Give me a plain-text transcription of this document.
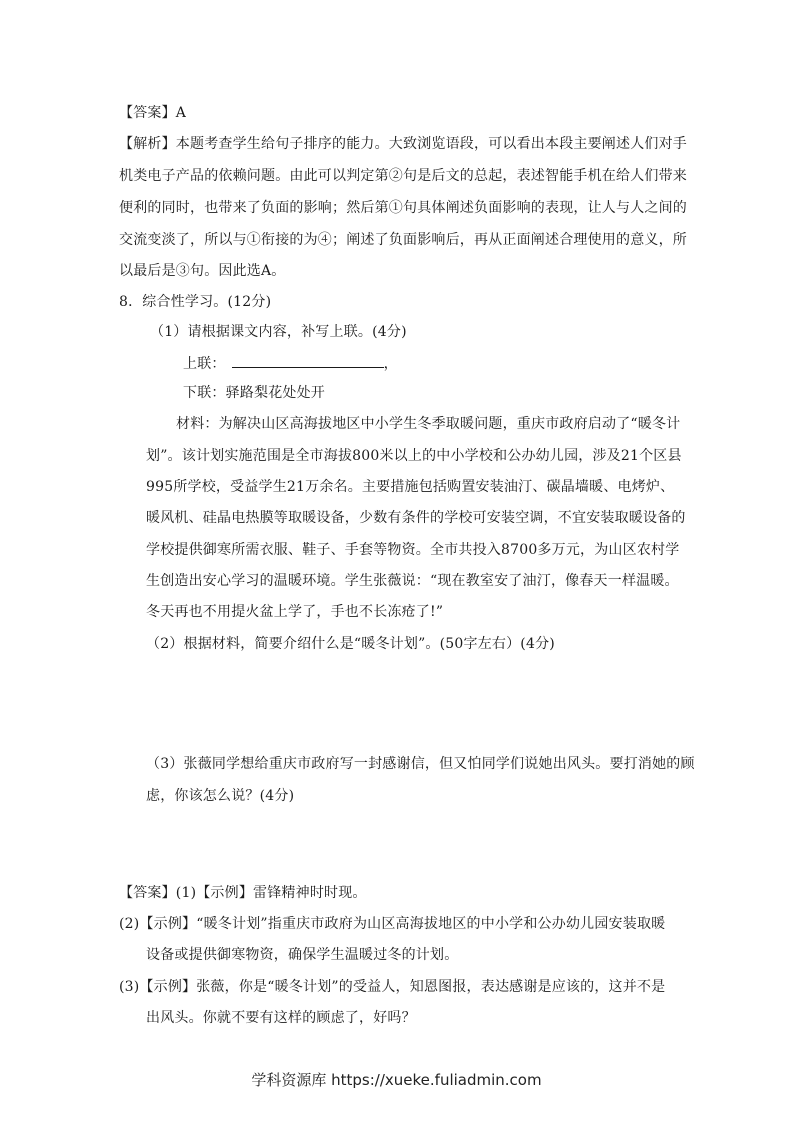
【答案】A
【解析】本题考查学生给句子排序的能力。大致浏览语段，可以看出本段主要阐述人们对手
机类电子产品的依赖问题。由此可以判定第②句是后文的总起，表述智能手机在给人们带来
便利的同时，也带来了负面的影响；然后第①句具体阐述负面影响的表现，让人与人之间的
交流变淡了，所以与①衔接的为④；阐述了负面影响后，再从正面阐述合理使用的意义，所
以最后是③句。因此选A。
8．综合性学习。(12分)
（1）请根据课文内容，补写上联。(4分)
上联：	，
下联：驿路梨花处处开
材料：为解决山区高海拔地区中小学生冬季取暖问题，重庆市政府启动了“暖冬计
划”。该计划实施范围是全市海拔800米以上的中小学校和公办幼儿园，涉及21个区县
995所学校，受益学生21万余名。主要措施包括购置安装油汀、碳晶墙暖、电烤炉、
暖风机、硅晶电热膜等取暖设备，少数有条件的学校可安装空调，不宜安装取暖设备的
学校提供御寒所需衣服、鞋子、手套等物资。全市共投入8700多万元，为山区农村学
生创造出安心学习的温暖环境。学生张薇说：“现在教室安了油汀，像春天一样温暖。
冬天再也不用提火盆上学了，手也不长冻疮了!”
（2）根据材料，简要介绍什么是“暖冬计划”。(50字左右）(4分)
（3）张薇同学想给重庆市政府写一封感谢信，但又怕同学们说她出风头。要打消她的顾
虑，你该怎么说？(4分)
【答案】(1)【示例】雷锋精神时时现。
(2)【示例】“暖冬计划”指重庆市政府为山区高海拔地区的中小学和公办幼儿园安装取暖
设备或提供御寒物资，确保学生温暖过冬的计划。
(3)【示例】张薇，你是“暖冬计划”的受益人，知恩图报，表达感谢是应该的，这并不是
出风头。你就不要有这样的顾虑了，好吗？
学科资源库 https://xueke.fuliadmin.com
